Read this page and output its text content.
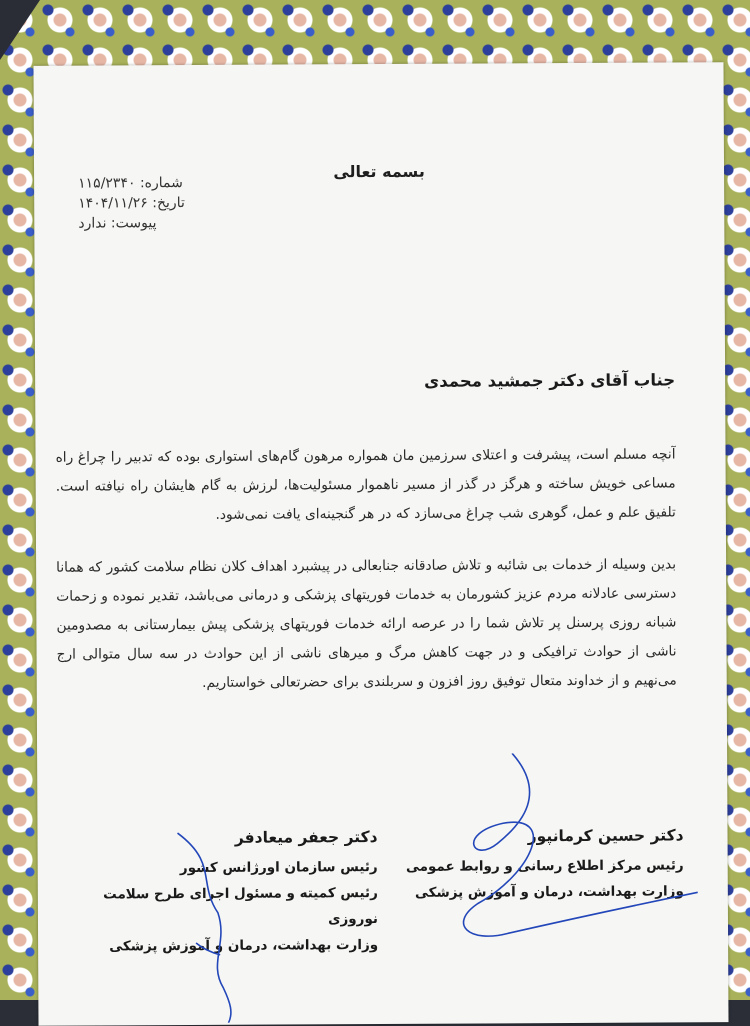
بسمه تعالی
شماره: ۱۱۵/۲۳۴۰
تاریخ: ۱۴۰۴/۱۱/۲۶
پیوست: ندارد
جناب آقای دکتر جمشید محمدی
آنچه مسلم است، پیشرفت و اعتلای سرزمین مان همواره مرهون گام‌های استواری بوده که تدبیر را چراغ راه مساعی خویش ساخته و هرگز در گذر از مسیر ناهموار مسئولیت‌ها، لرزش به گام هایشان راه نیافته است. تلفیق علم و عمل، گوهری شب چراغ می‌سازد که در هر گنجینه‌ای یافت نمی‌شود.
بدین وسیله از خدمات بی شائبه و تلاش صادقانه جنابعالی در پیشبرد اهداف کلان نظام سلامت کشور که همانا دسترسی عادلانه مردم عزیز کشورمان به خدمات فوریتهای پزشکی و درمانی می‌باشد، تقدیر نموده و زحمات شبانه روزی پرسنل پر تلاش شما را در عرصه ارائه خدمات فوریتهای پزشکی پیش بیمارستانی به مصدومین ناشی از حوادث ترافیکی و در جهت کاهش مرگ و میرهای ناشی از این حوادث در سه سال متوالی ارج می‌نهیم و از خداوند متعال توفیق روز افزون و سربلندی برای حضرتعالی خواستاریم.
دکتر حسین کرمانپور
رئیس مرکز اطلاع رسانی و روابط عمومی
وزارت بهداشت، درمان و آموزش پزشکی
دکتر جعفر میعادفر
رئیس سازمان اورژانس کشور
رئیس کمیته و مسئول اجرای طرح سلامت نوروزی
وزارت بهداشت، درمان و آموزش پزشکی
